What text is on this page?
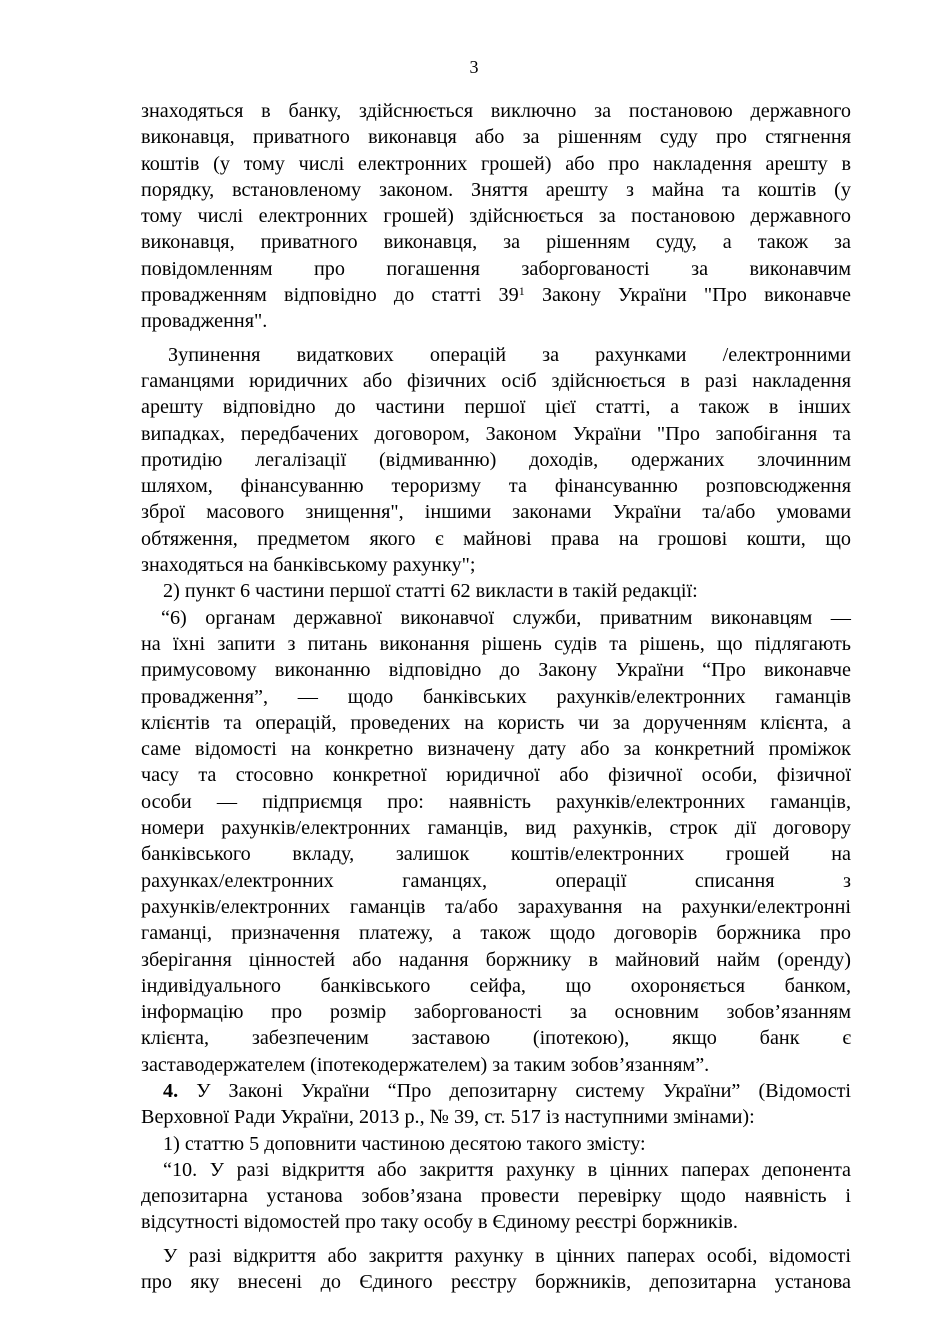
3
знаходяться в банку, здійснюється виключно за постановою державного
виконавця, приватного виконавця або за рішенням суду про стягнення
коштів (у тому числі електронних грошей) або про накладення арешту в
порядку, встановленому законом. Зняття арешту з майна та коштів (у
тому числі електронних грошей) здійснюється за постановою державного
виконавця, приватного виконавця, за рішенням суду, а також за
повідомленням про погашення заборгованості за виконавчим
провадженням відповідно до статті $39^1$ Закону України "Про виконавче
провадження".
Зупинення видаткових операцій за рахунками /електронними
гаманцями юридичних або фізичних осіб здійснюється в разі накладення
арешту відповідно до частини першої цієї статті, а також в інших
випадках, передбачених договором, Законом України "Про запобігання та
протидію легалізації (відмиванню) доходів, одержаних злочинним
шляхом, фінансуванню тероризму та фінансуванню розповсюдження
зброї масового знищення", іншими законами України та/або умовами
обтяження, предметом якого є майнові права на грошові кошти, що
знаходяться на банківському рахунку";
2) пункт 6 частини першої статті 62 викласти в такій редакції:
“6) органам державної виконавчої служби, приватним виконавцям —
на їхні запити з питань виконання рішень судів та рішень, що підлягають
примусовому виконанню відповідно до Закону України “Про виконавче
провадження”, — щодо банківських рахунків/електронних гаманців
клієнтів та операцій, проведених на користь чи за дорученням клієнта, а
саме відомості на конкретно визначену дату або за конкретний проміжок
часу та стосовно конкретної юридичної або фізичної особи, фізичної
особи — підприємця про: наявність рахунків/електронних гаманців,
номери рахунків/електронних гаманців, вид рахунків, строк дії договору
банківського вкладу, залишок коштів/електронних грошей на
рахунках/електронних гаманцях, операції списання з
рахунків/електронних гаманців та/або зарахування на рахунки/електронні
гаманці, призначення платежу, а також щодо договорів боржника про
зберігання цінностей або надання боржнику в майновий найм (оренду)
індивідуального банківського сейфа, що охороняється банком,
інформацію про розмір заборгованості за основним зобов’язанням
клієнта, забезпеченим заставою (іпотекою), якщо банк є
заставодержателем (іпотекодержателем) за таким зобов’язанням”.
4. У Законі України “Про депозитарну систему України” (Відомості
Верховної Ради України, 2013 р., № 39, ст. 517 із наступними змінами):
1) статтю 5 доповнити частиною десятою такого змісту:
“10. У разі відкриття або закриття рахунку в цінних паперах депонента
депозитарна установа зобов’язана провести перевірку щодо наявність і
відсутності відомостей про таку особу в Єдиному реєстрі боржників.
У разі відкриття або закриття рахунку в цінних паперах особі, відомості
про яку внесені до Єдиного реєстру боржників, депозитарна установа
